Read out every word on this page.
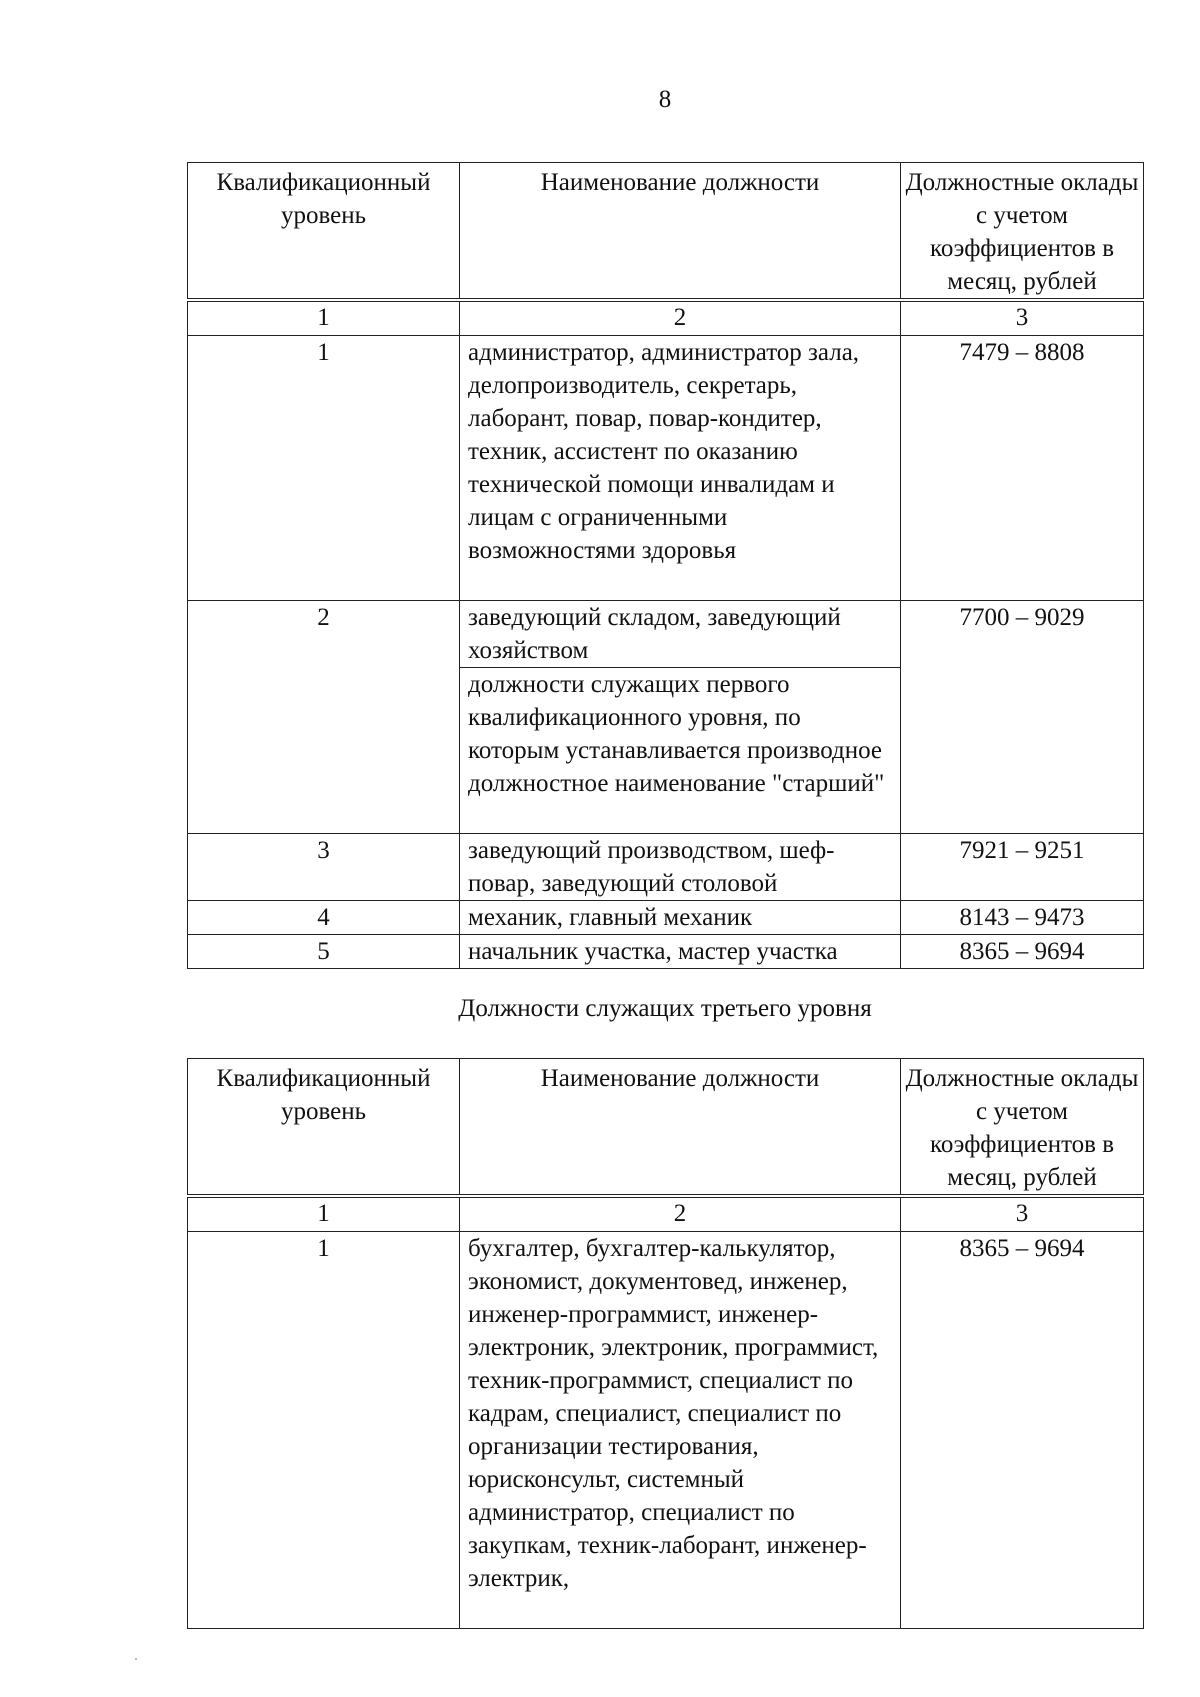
8
Квалификационный уровень	Наименование должности	Должностные оклады с учетом коэффициентов в месяц, рублей
1	2	3
1	администратор, администратор зала, делопроизводитель, секретарь, лаборант, повар, повар-кондитер, техник, ассистент по оказанию технической помощи инвалидам и лицам с ограниченными возможностями здоровья	7479 – 8808
2	заведующий складом, заведующий хозяйством	7700 – 9029
	должности служащих первого квалификационного уровня, по которым устанавливается производное должностное наименование "старший"	
3	заведующий производством, шеф-повар, заведующий столовой	7921 – 9251
4	механик, главный механик	8143 – 9473
5	начальник участка, мастер участка	8365 – 9694
Должности служащих третьего уровня
Квалификационный уровень	Наименование должности	Должностные оклады с учетом коэффициентов в месяц, рублей
1	2	3
1	бухгалтер, бухгалтер-калькулятор, экономист, документовед, инженер, инженер-программист, инженер-электроник, электроник, программист, техник-программист, специалист по кадрам, специалист, специалист по организации тестирования, юрисконсульт, системный администратор, специалист по закупкам, техник-лаборант, инженер-электрик,	8365 – 9694
